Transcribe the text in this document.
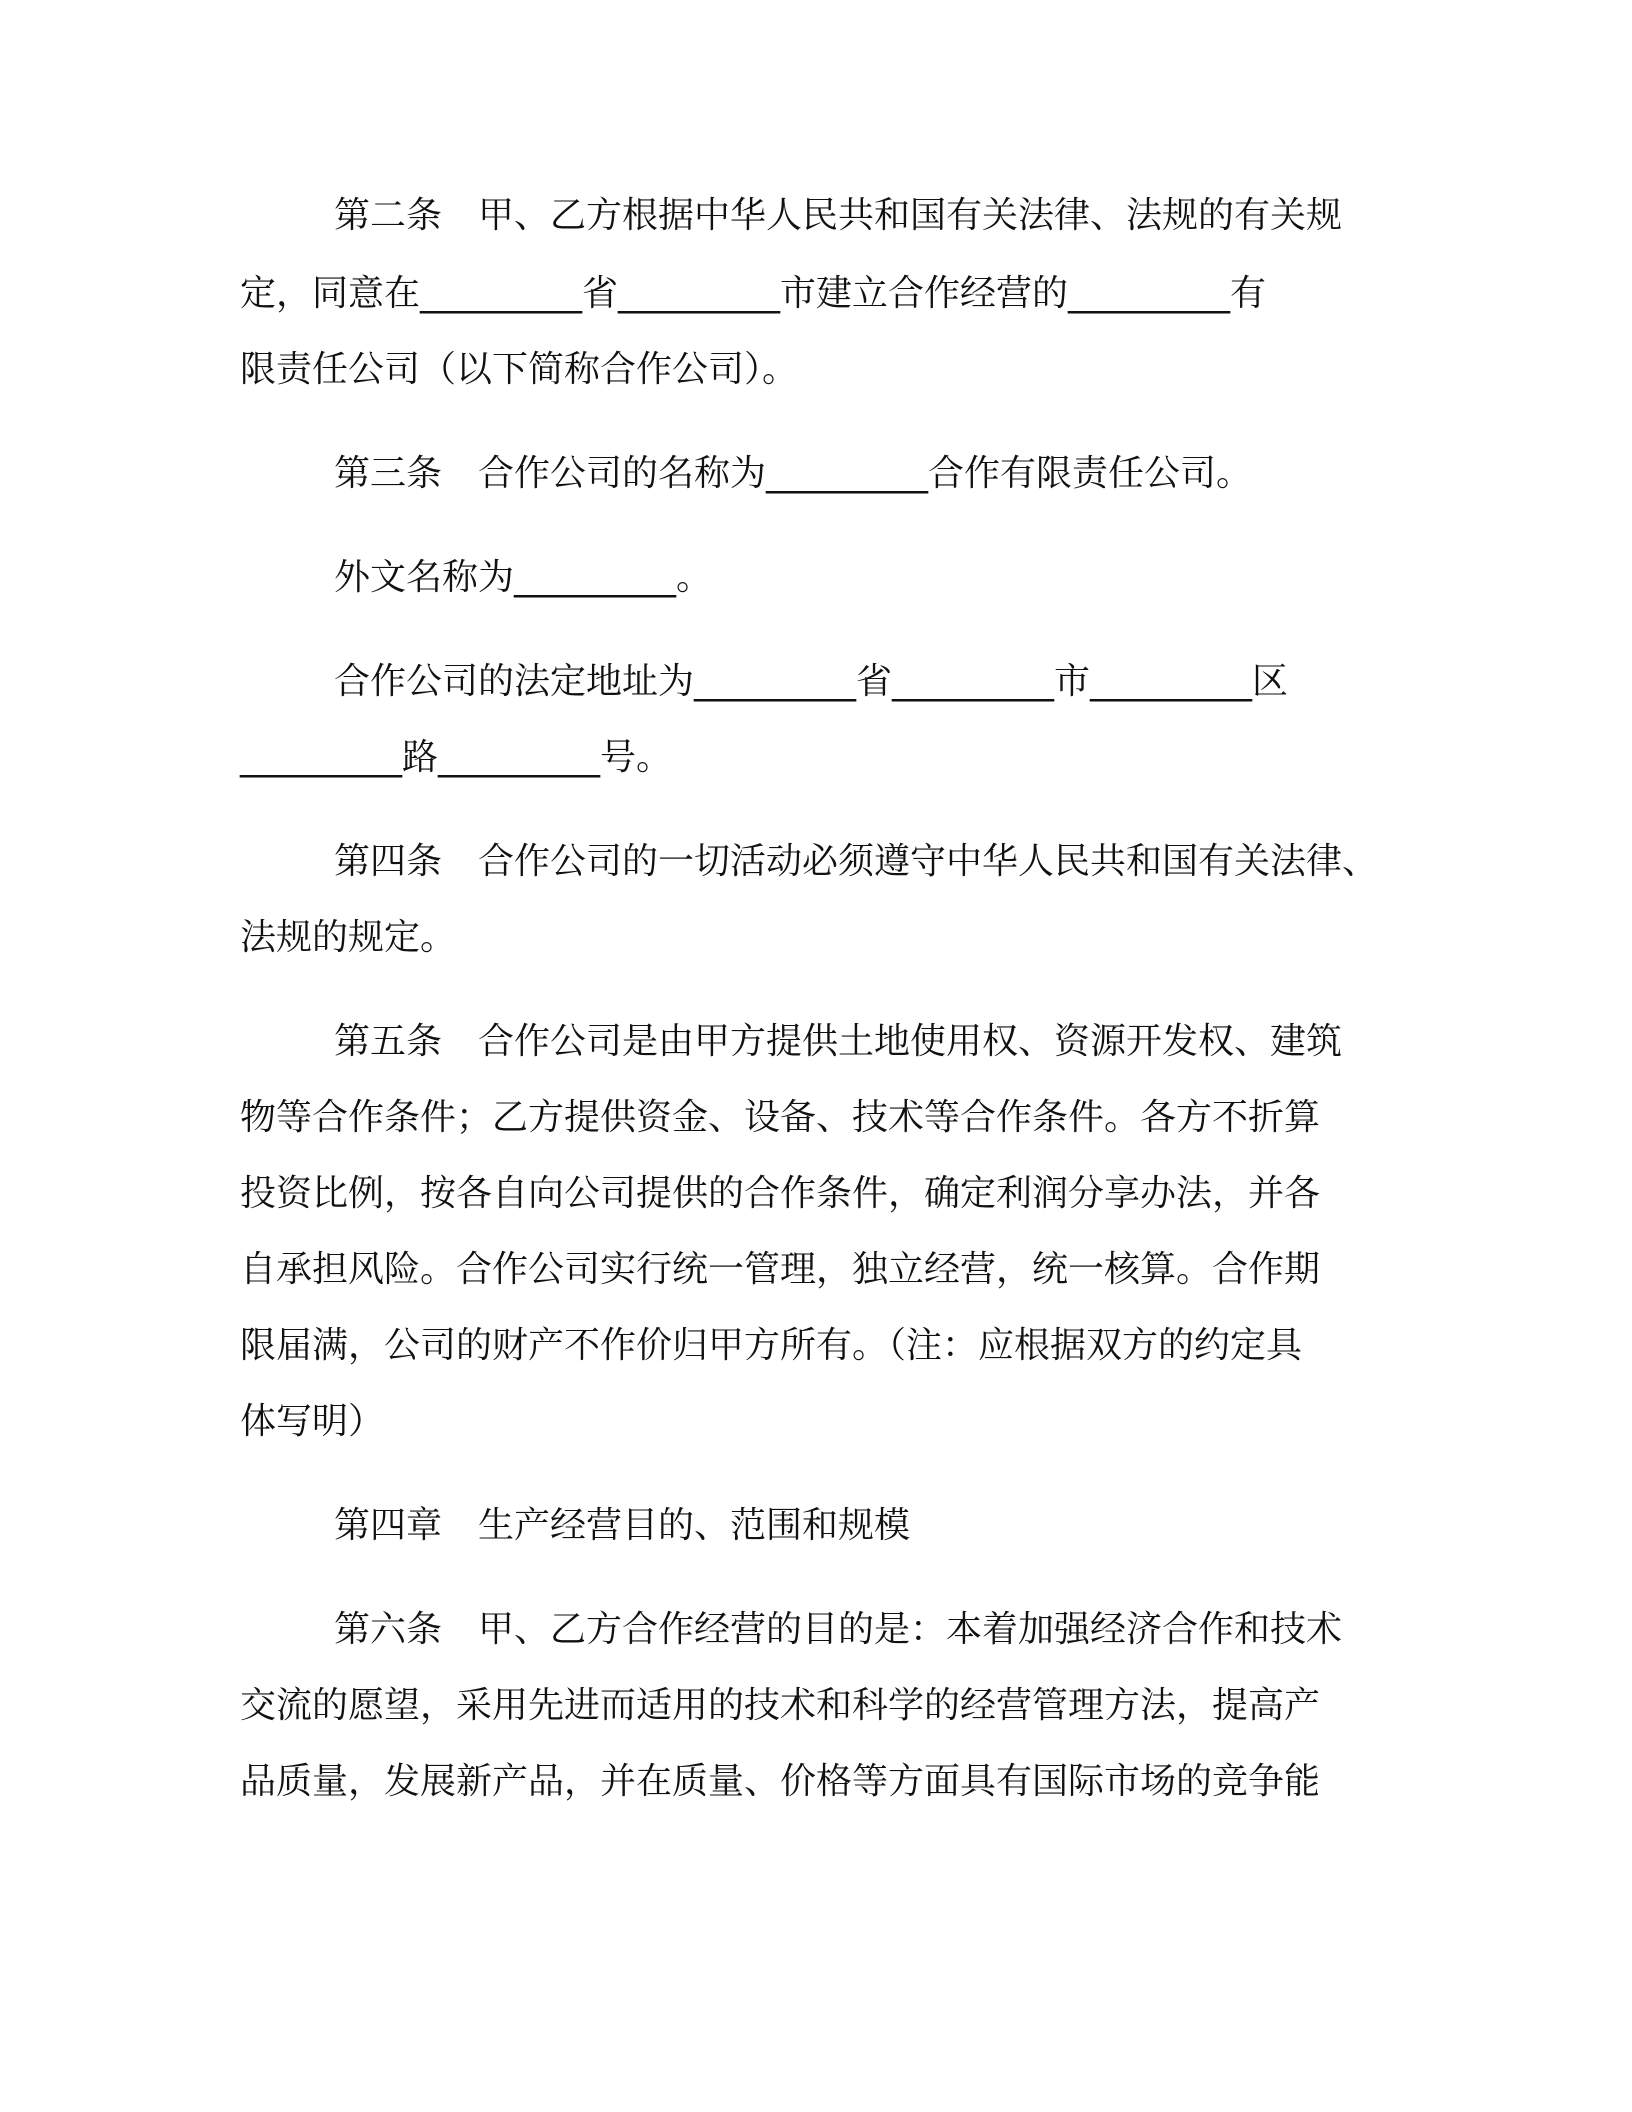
第二条　甲、乙方根据中华人民共和国有关法律、法规的有关规
定，同意在_________省_________市建立合作经营的_________有
限责任公司（以下简称合作公司）。
第三条　合作公司的名称为_________合作有限责任公司。
外文名称为_________。
合作公司的法定地址为_________省_________市_________区
_________路_________号。
第四条　合作公司的一切活动必须遵守中华人民共和国有关法律、
法规的规定。
第五条　合作公司是由甲方提供土地使用权、资源开发权、建筑
物等合作条件；乙方提供资金、设备、技术等合作条件。各方不折算
投资比例，按各自向公司提供的合作条件，确定利润分享办法，并各
自承担风险。合作公司实行统一管理，独立经营，统一核算。合作期
限届满，公司的财产不作价归甲方所有。（注：应根据双方的约定具
体写明）
第四章　生产经营目的、范围和规模
第六条　甲、乙方合作经营的目的是：本着加强经济合作和技术
交流的愿望，采用先进而适用的技术和科学的经营管理方法，提高产
品质量，发展新产品，并在质量、价格等方面具有国际市场的竞争能
